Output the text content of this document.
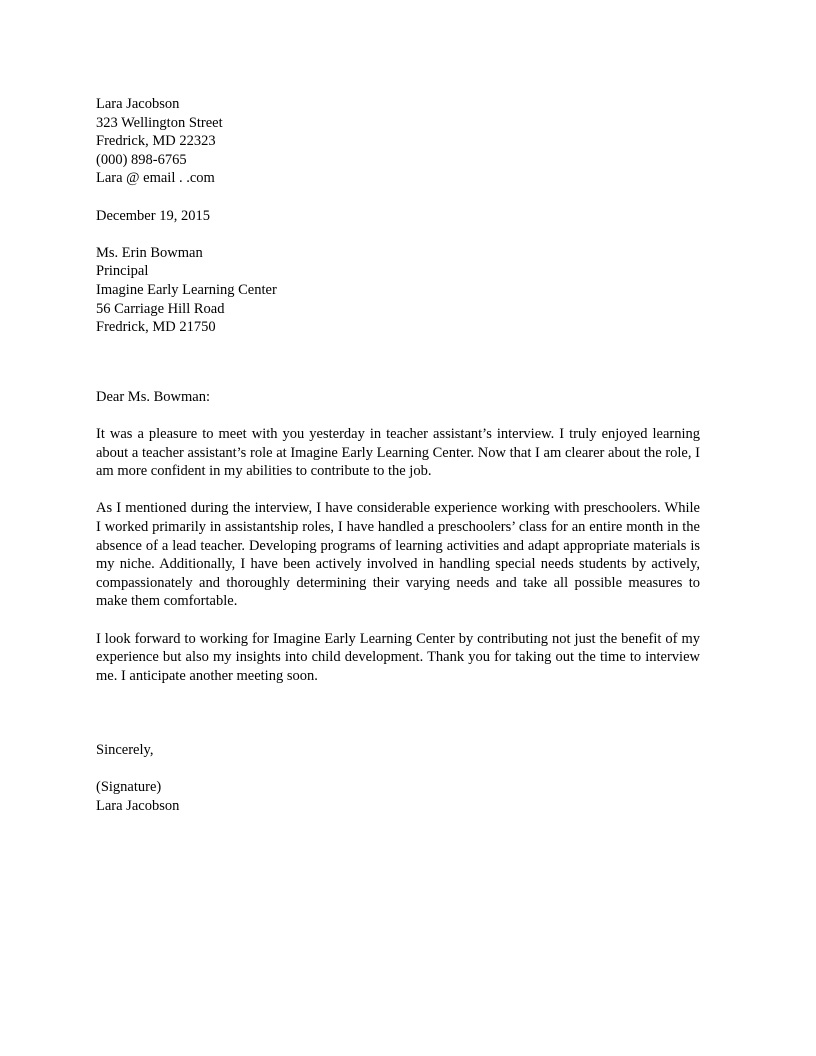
Lara Jacobson
323 Wellington Street
Fredrick, MD 22323
(000) 898-6765
Lara @ email . .com
December 19, 2015
Ms. Erin Bowman
Principal
Imagine Early Learning Center
56 Carriage Hill Road
Fredrick, MD 21750
Dear Ms. Bowman:

It was a pleasure to meet with you yesterday in teacher assistant’s interview. I truly enjoyed learning about a teacher assistant’s role at Imagine Early Learning Center. Now that I am clearer about the role, I am more confident in my abilities to contribute to the job.

As I mentioned during the interview, I have considerable experience working with preschoolers. While I worked primarily in assistantship roles, I have handled a preschoolers’ class for an entire month in the absence of a lead teacher. Developing programs of learning activities and adapt appropriate materials is my niche. Additionally, I have been actively involved in handling special needs students by actively, compassionately and thoroughly determining their varying needs and take all possible measures to make them comfortable.

I look forward to working for Imagine Early Learning Center by contributing not just the benefit of my experience but also my insights into child development. Thank you for taking out the time to interview me. I anticipate another meeting soon.

Sincerely,
(Signature)
Lara Jacobson
